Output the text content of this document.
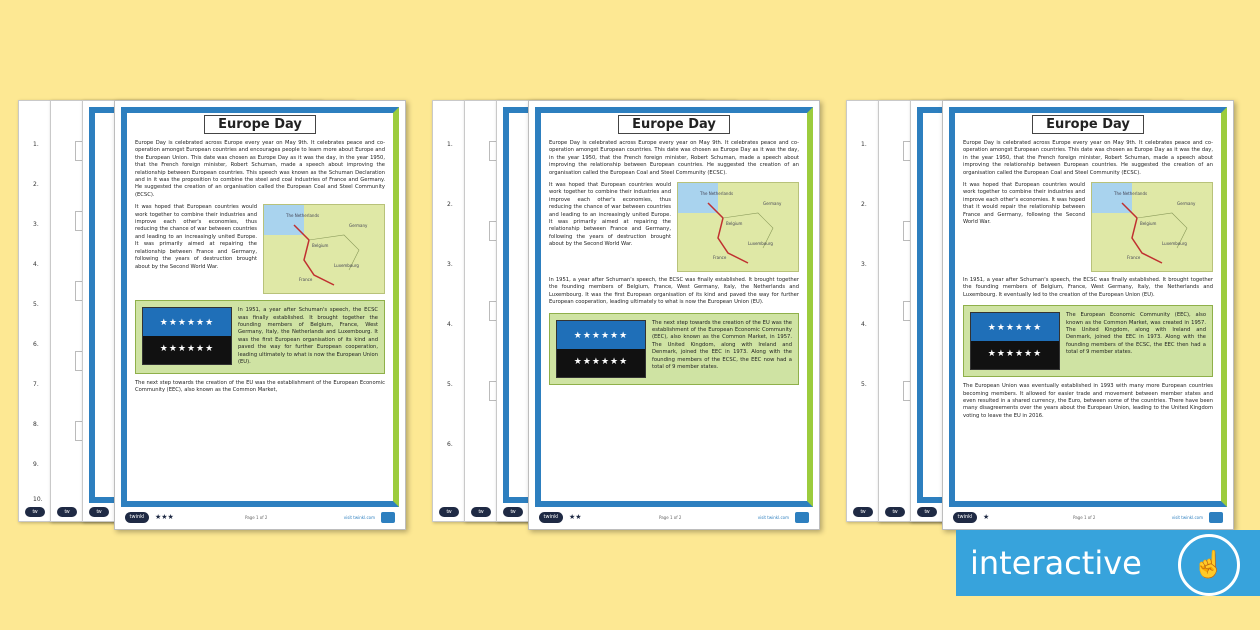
1.
2.
3.
4.
5.
6.
7.
8.
9.
10.
tw	tw	tw
Europe Day

Europe Day is celebrated across Europe every year on May 9th. It celebrates peace and co-operation amongst European countries and encourages people to learn more about Europe and the European Union. This date was chosen as Europe Day as it was the day, in the year 1950, that the French foreign minister, Robert Schuman, made a speech about improving the relationship between European countries. This speech was known as the Schuman Declaration and in it was the proposition to combine the steel and coal industries of France and Germany. He suggested the creation of an organisation called the European Coal and Steel Community (ECSC).

It was hoped that European countries would work together to combine their industries and improve each other's economies, thus reducing the chance of war between countries and leading to an increasingly united Europe. It was primarily aimed at repairing the relationship between France and Germany, following the years of destruction brought about by the Second World War.

The Netherlands
Germany
Belgium
Luxembourg
France
★★★★★★
★★★★★★

In 1951, a year after Schuman's speech, the ECSC was finally established. It brought together the founding members of Belgium, France, West Germany, Italy, the Netherlands and Luxembourg. It was the first European organisation of its kind and paved the way for further European cooperation, leading ultimately to what is now the European Union (EU).

The next step towards the creation of the EU was the establishment of the European Economic Community (EEC), also known as the Common Market,

twinkl	★★★	Page 1 of 2	visit twinkl.com
1.
2.
3.
4.
5.
6.
tw	tw	tw
Europe Day

Europe Day is celebrated across Europe every year on May 9th. It celebrates peace and co-operation amongst European countries. This date was chosen as Europe Day as it was the day, in the year 1950, that the French foreign minister, Robert Schuman, made a speech about improving the relationship between European countries. He suggested the creation of an organisation called the European Coal and Steel Community (ECSC).

It was hoped that European countries would work together to combine their industries and improve each other's economies, thus reducing the chance of war between countries and leading to an increasingly united Europe. It was primarily aimed at repairing the relationship between France and Germany, following the years of destruction brought about by the Second World War.

The Netherlands
Germany
Belgium
Luxembourg
France

In 1951, a year after Schuman's speech, the ECSC was finally established. It brought together the founding members of Belgium, France, West Germany, Italy, the Netherlands and Luxembourg. It was the first European organisation of its kind and paved the way for further European cooperation, leading ultimately to what is now the European Union (EU).

★★★★★★
★★★★★★

The next step towards the creation of the EU was the establishment of the European Economic Community (EEC), also known as the Common Market, in 1957. The United Kingdom, along with Ireland and Denmark, joined the EEC in 1973. Along with the founding members of the ECSC, the EEC now had a total of 9 member states.

twinkl	★★	Page 1 of 2	visit twinkl.com
1.
2.
3.
4.
5.
tw	tw	tw
Europe Day

Europe Day is celebrated across Europe every year on May 9th. It celebrates peace and co-operation amongst European countries. This date was chosen as Europe Day as it was the day, in the year 1950, that the French foreign minister, Robert Schuman, made a speech about improving the relationship between European countries. He suggested the creation of an organisation called the European Coal and Steel Community (ECSC).

It was hoped that European countries would work together to combine their industries and improve each other's economies. It was hoped that it would repair the relationship between France and Germany, following the Second World War.

The Netherlands
Germany
Belgium
Luxembourg
France

In 1951, a year after Schuman's speech, the ECSC was finally established. It brought together the founding members of Belgium, France, West Germany, Italy, the Netherlands and Luxembourg. It eventually led to the creation of the European Union (EU).

★★★★★★
★★★★★★

The European Economic Community (EEC), also known as the Common Market, was created in 1957. The United Kingdom, along with Ireland and Denmark, joined the EEC in 1973. Along with the founding members of the ECSC, the EEC then had a total of 9 member states.

The European Union was eventually established in 1993 with many more European countries becoming members. It allowed for easier trade and movement between member states and even resulted in a shared currency, the Euro, between some of the countries. There have been many disagreements over the years about the European Union, leading to the United Kingdom voting to leave the EU in 2016.

twinkl	★	Page 1 of 2	visit twinkl.com
interactive	☝
